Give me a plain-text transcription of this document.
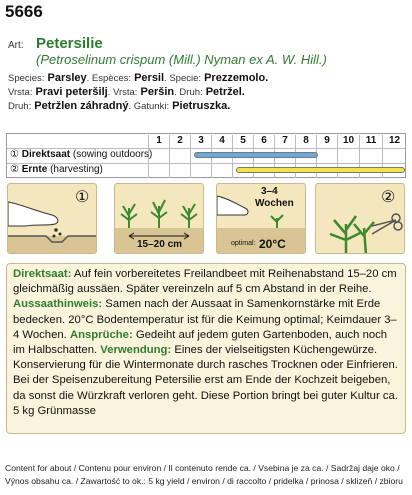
5666
Art: Petersilie
(Petroselinum crispum (Mill.) Nyman ex A. W. Hill.)
Species: Parsley. Espèces: Persil. Specie: Prezzemolo.
Vrsta: Pravi peteršilj. Vrsta: Peršin. Druh: Petržel.
Druh: Petržlen záhradný. Gatunki: Pietruszka.
1	2	3	4	5	6	7	8	9	10	11	12
① Direktsaat (sowing outdoors)
② Ernte (harvesting)
①
15–20 cm
3–4
Wochen
optimal: 20°C
②
Direktsaat: Auf fein vorbereitetes Freilandbeet mit Reihenabstand 15–20 cm gleichmäßig aussäen. Später vereinzeln auf 5 cm Abstand in der Reihe. Aussaathinweis: Samen nach der Aussaat in Samenkornstärke mit Erde bedecken. 20°C Bodentemperatur ist für die Keimung optimal; Keimdauer 3–4 Wochen. Ansprüche: Gedeiht auf jedem guten Gartenboden, auch noch im Halbschatten. Verwendung: Eines der vielseitigsten Küchengewürze. Konservierung für die Wintermonate durch rasches Trocknen oder Einfrieren. Bei der Speisenzubereitung Petersilie erst am Ende der Kochzeit beigeben, da sonst die Würzkraft verloren geht. Diese Portion bringt bei guter Kultur ca. 5 kg Grünmasse
Content for about / Contenu pour environ / Il contenuto rende ca. / Vsebina je za ca. / Sadržaj daje oko /
Výnos obsahu ca. / Zawartość to ok.: 5 kg yield / environ / di raccolto / pridelka / prinosa / sklizeň / zbioru
